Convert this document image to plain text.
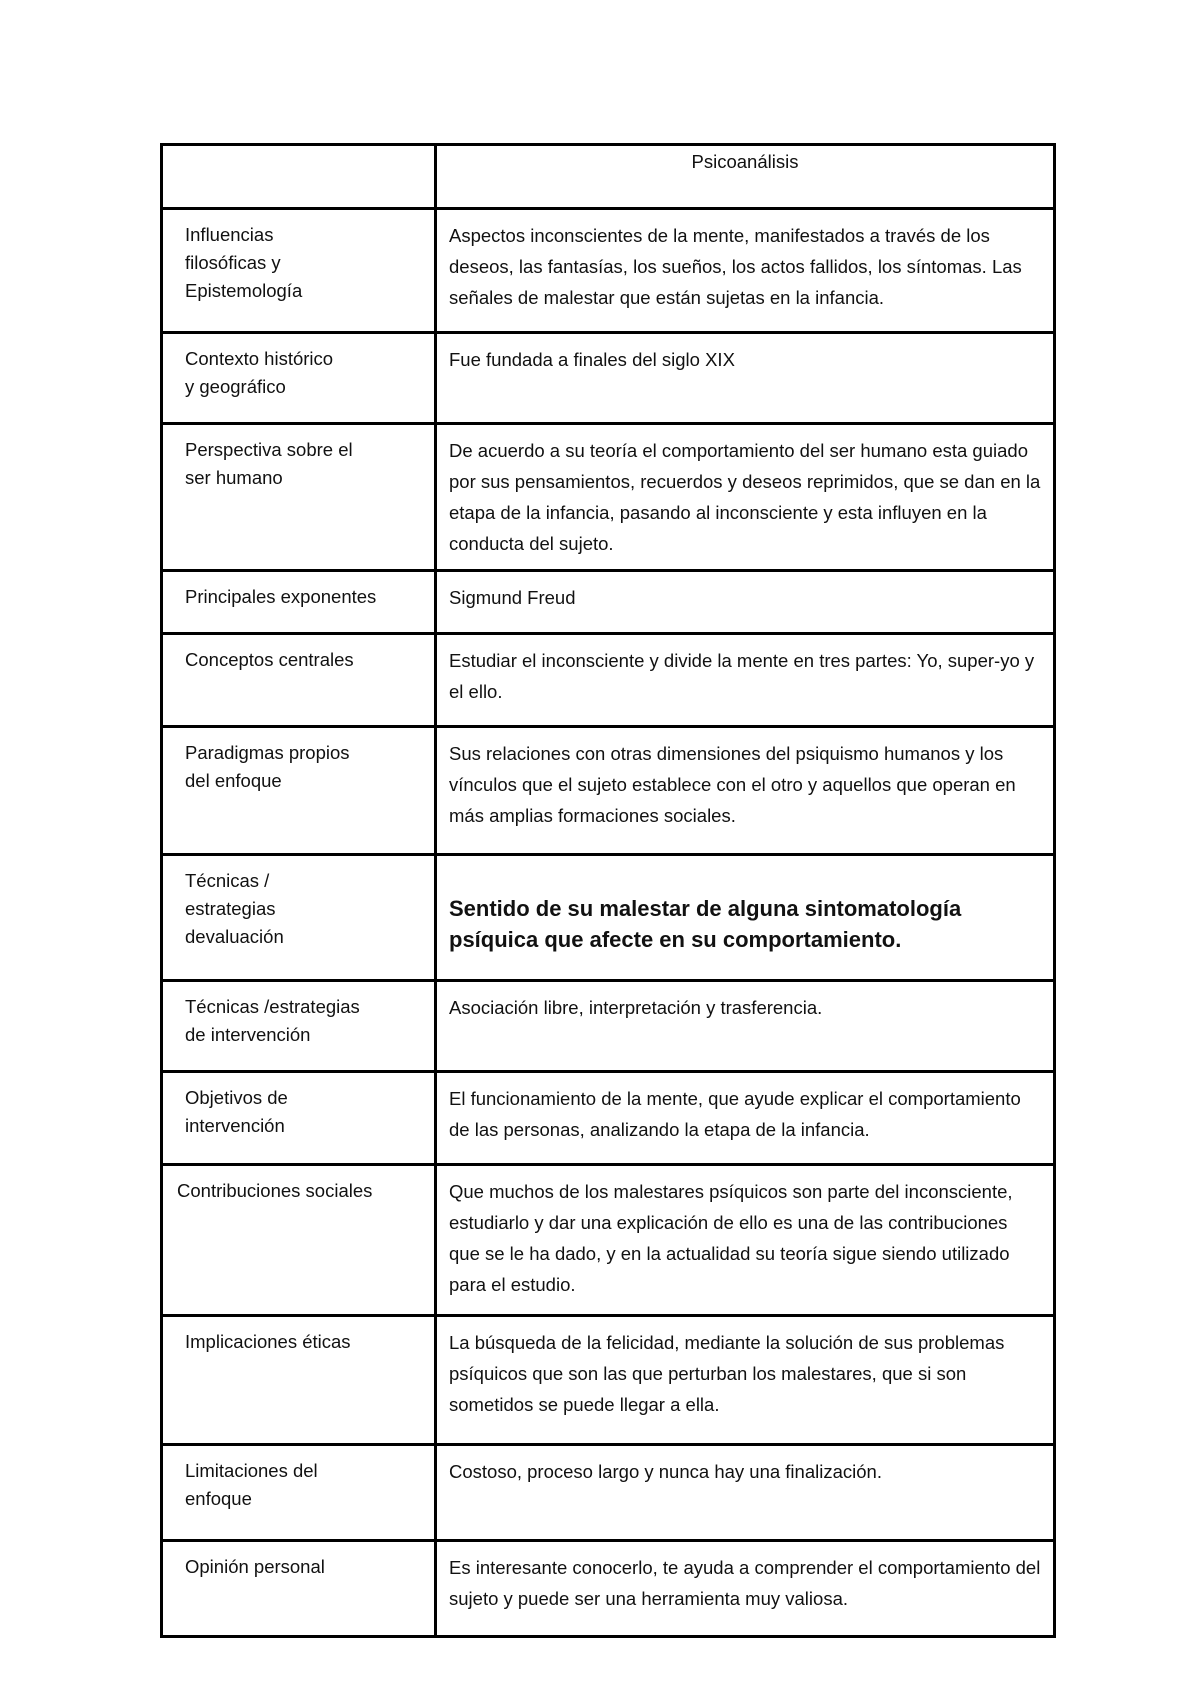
	Psicoanálisis

Influencias
filosóficas y
Epistemología	Aspectos inconscientes de la mente, manifestados a través de los deseos, las fantasías, los sueños, los actos fallidos, los síntomas. Las señales de malestar que están sujetas en la infancia.

Contexto histórico
y geográfico	Fue fundada a finales del siglo XIX

Perspectiva sobre el
ser humano	De acuerdo a su teoría el comportamiento del ser humano esta guiado por sus pensamientos, recuerdos y deseos reprimidos, que se dan en la etapa de la infancia, pasando al inconsciente y esta influyen en la conducta del sujeto.

Principales exponentes	Sigmund Freud

Conceptos centrales	Estudiar el inconsciente y divide la mente en tres partes: Yo, super-yo y el ello.

Paradigmas propios
del enfoque	Sus relaciones con otras dimensiones del psiquismo humanos y los vínculos que el sujeto establece con el otro y aquellos que operan en más amplias formaciones sociales.

Técnicas /
estrategias
devaluación	Sentido de su malestar de alguna sintomatología psíquica que afecte en su comportamiento.

Técnicas /estrategias
de intervención	Asociación libre, interpretación y trasferencia.

Objetivos de
intervención	El funcionamiento de la mente, que ayude explicar el comportamiento de las personas, analizando la etapa de la infancia.

Contribuciones sociales	Que muchos de los malestares psíquicos son parte del inconsciente, estudiarlo y dar una explicación de ello es una de las contribuciones que se le ha dado, y en la actualidad su teoría sigue siendo utilizado para el estudio.

Implicaciones éticas	La búsqueda de la felicidad, mediante la solución de sus problemas psíquicos que son las que perturban los malestares, que si son sometidos se puede llegar a ella.

Limitaciones del
enfoque	Costoso, proceso largo y nunca hay una finalización.

Opinión personal	Es interesante conocerlo, te ayuda a comprender el comportamiento del sujeto y puede ser una herramienta muy valiosa.
